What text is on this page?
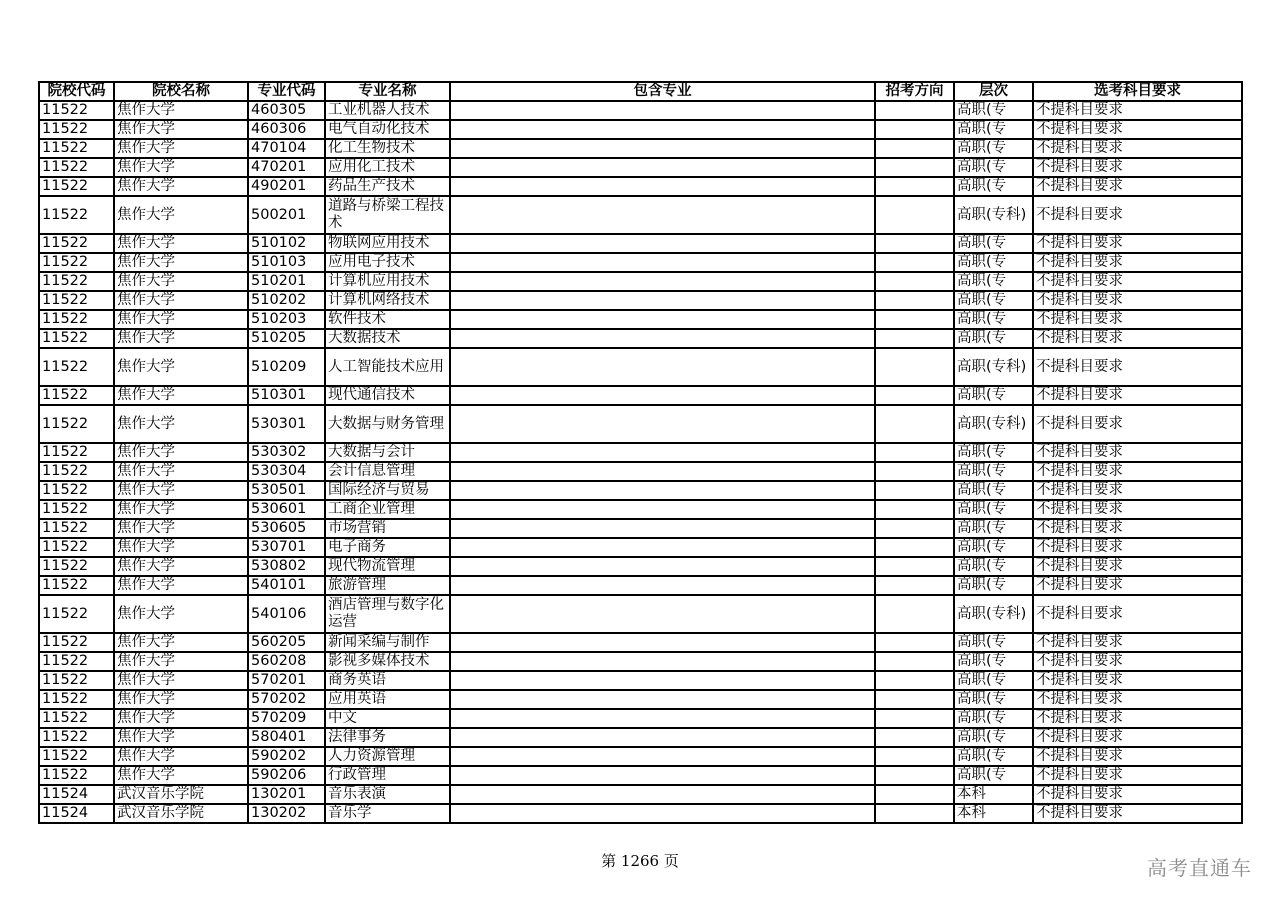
院校代码	院校名称	专业代码	专业名称	包含专业	招考方向	层次	选考科目要求
11522	焦作大学	460305	工业机器人技术			高职(专	不提科目要求
11522	焦作大学	460306	电气自动化技术			高职(专	不提科目要求
11522	焦作大学	470104	化工生物技术			高职(专	不提科目要求
11522	焦作大学	470201	应用化工技术			高职(专	不提科目要求
11522	焦作大学	490201	药品生产技术			高职(专	不提科目要求
11522	焦作大学	500201	道路与桥梁工程技术			高职(专科)	不提科目要求
11522	焦作大学	510102	物联网应用技术			高职(专	不提科目要求
11522	焦作大学	510103	应用电子技术			高职(专	不提科目要求
11522	焦作大学	510201	计算机应用技术			高职(专	不提科目要求
11522	焦作大学	510202	计算机网络技术			高职(专	不提科目要求
11522	焦作大学	510203	软件技术			高职(专	不提科目要求
11522	焦作大学	510205	大数据技术			高职(专	不提科目要求
11522	焦作大学	510209	人工智能技术应用			高职(专科)	不提科目要求
11522	焦作大学	510301	现代通信技术			高职(专	不提科目要求
11522	焦作大学	530301	大数据与财务管理			高职(专科)	不提科目要求
11522	焦作大学	530302	大数据与会计			高职(专	不提科目要求
11522	焦作大学	530304	会计信息管理			高职(专	不提科目要求
11522	焦作大学	530501	国际经济与贸易			高职(专	不提科目要求
11522	焦作大学	530601	工商企业管理			高职(专	不提科目要求
11522	焦作大学	530605	市场营销			高职(专	不提科目要求
11522	焦作大学	530701	电子商务			高职(专	不提科目要求
11522	焦作大学	530802	现代物流管理			高职(专	不提科目要求
11522	焦作大学	540101	旅游管理			高职(专	不提科目要求
11522	焦作大学	540106	酒店管理与数字化运营			高职(专科)	不提科目要求
11522	焦作大学	560205	新闻采编与制作			高职(专	不提科目要求
11522	焦作大学	560208	影视多媒体技术			高职(专	不提科目要求
11522	焦作大学	570201	商务英语			高职(专	不提科目要求
11522	焦作大学	570202	应用英语			高职(专	不提科目要求
11522	焦作大学	570209	中文			高职(专	不提科目要求
11522	焦作大学	580401	法律事务			高职(专	不提科目要求
11522	焦作大学	590202	人力资源管理			高职(专	不提科目要求
11522	焦作大学	590206	行政管理			高职(专	不提科目要求
11524	武汉音乐学院	130201	音乐表演			本科	不提科目要求
11524	武汉音乐学院	130202	音乐学			本科	不提科目要求
第 1266 页	高考直通车
